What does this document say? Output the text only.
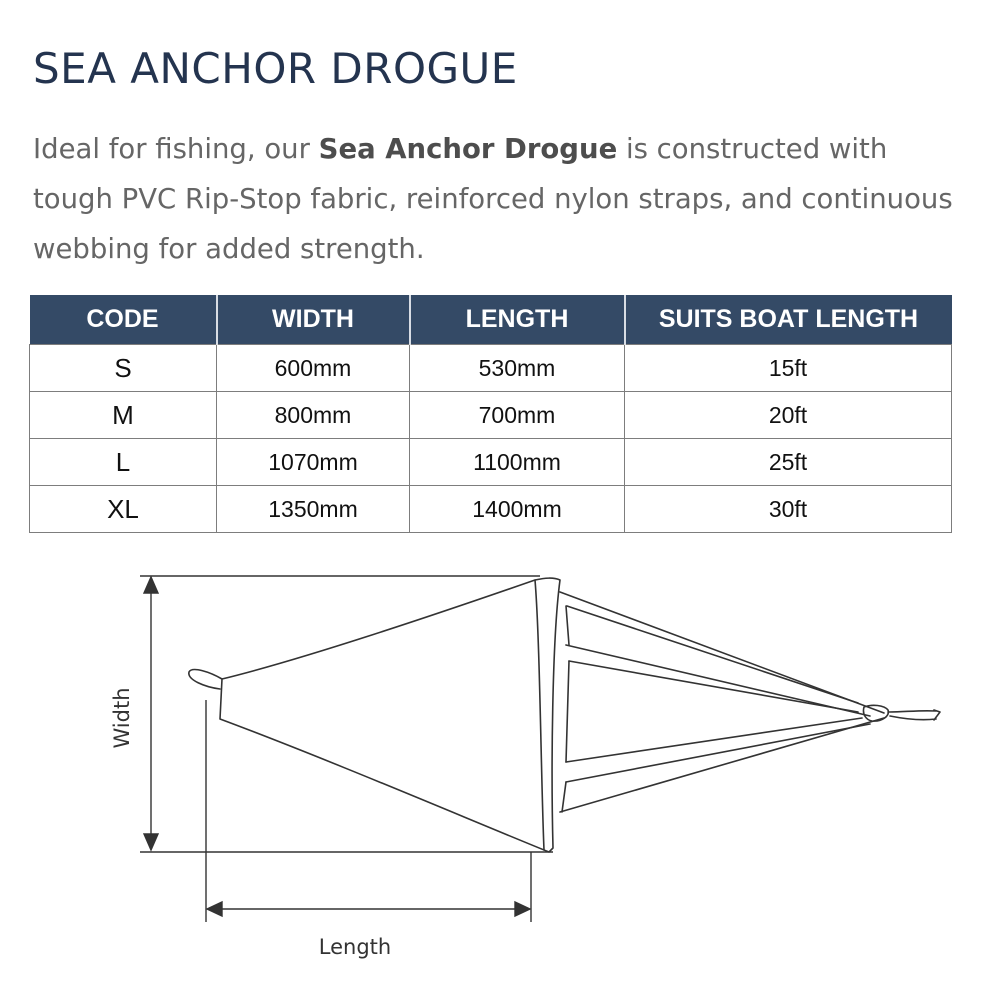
SEA ANCHOR DROGUE

Ideal for fishing, our Sea Anchor Drogue is constructed with tough PVC Rip-Stop fabric, reinforced nylon straps, and continuous webbing for added strength.

CODE	WIDTH	LENGTH	SUITS BOAT LENGTH
S	600mm	530mm	15ft
M	800mm	700mm	20ft
L	1070mm	1100mm	25ft
XL	1350mm	1400mm	30ft
Width
Length
